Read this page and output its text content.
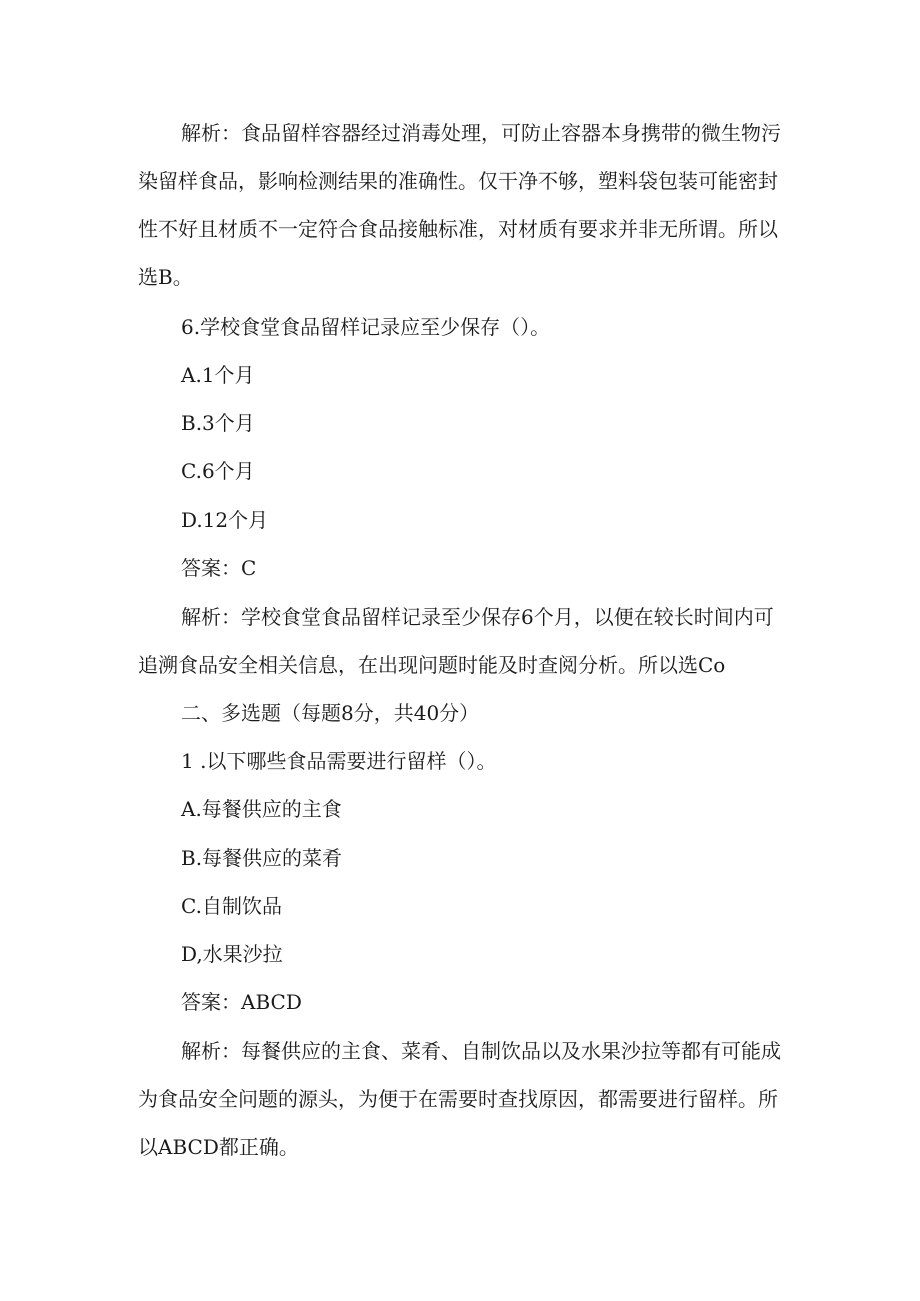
解析：食品留样容器经过消毒处理，可防止容器本身携带的微生物污

染留样食品，影响检测结果的准确性。仅干净不够，塑料袋包装可能密封

性不好且材质不一定符合食品接触标准，对材质有要求并非无所谓。所以

选B。

6.学校食堂食品留样记录应至少保存（）。

A.1个月

B.3个月

C.6个月

D.12个月

答案：C

解析：学校食堂食品留样记录至少保存6个月，以便在较长时间内可

追溯食品安全相关信息，在出现问题时能及时查阅分析。所以选Co

二、多选题（每题8分，共40分）

1 .以下哪些食品需要进行留样（）。

A.每餐供应的主食

B.每餐供应的菜肴

C.自制饮品

D,水果沙拉

答案：ABCD

解析：每餐供应的主食、菜肴、自制饮品以及水果沙拉等都有可能成

为食品安全问题的源头，为便于在需要时查找原因，都需要进行留样。所

以ABCD都正确。
